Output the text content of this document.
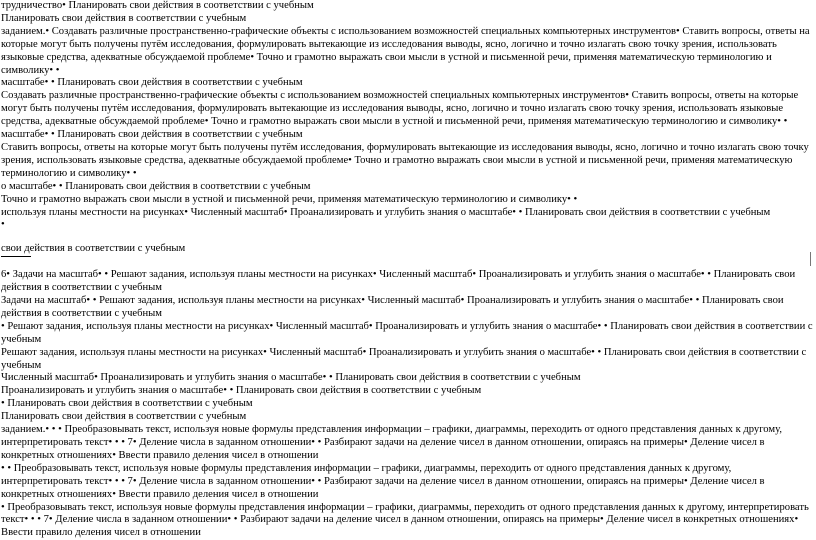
трудничество• Планировать свои действия в соответствии с учебным

Планировать свои действия в соответствии с учебным

заданием.• Создавать различные пространственно-графические объекты с использованием возможностей специальных компьютерных инструментов• Ставить вопросы, ответы на которые могут быть получены путём исследования, формулировать вытекающие из исследования выводы, ясно, логично и точно излагать свою точку зрения, использовать языковые средства, адекватные обсуждаемой проблеме• Точно и грамотно выражать свои мысли в устной и письменной речи, применяя математическую терминологию и символику• •

масштабе• • Планировать свои действия в соответствии с учебным

Создавать различные пространственно-графические объекты с использованием возможностей специальных компьютерных инструментов• Ставить вопросы, ответы на которые могут быть получены путём исследования, формулировать вытекающие из исследования выводы, ясно, логично и точно излагать свою точку зрения, использовать языковые средства, адекватные обсуждаемой проблеме• Точно и грамотно выражать свои мысли в устной и письменной речи, применяя математическую терминологию и символику• •

масштабе• • Планировать свои действия в соответствии с учебным

Ставить вопросы, ответы на которые могут быть получены путём исследования, формулировать вытекающие из исследования выводы, ясно, логично и точно излагать свою точку зрения, использовать языковые средства, адекватные обсуждаемой проблеме• Точно и грамотно выражать свои мысли в устной и письменной речи, применяя математическую терминологию и символику• •

о масштабе• • Планировать свои действия в соответствии с учебным

Точно и грамотно выражать свои мысли в устной и письменной речи, применяя математическую терминологию и символику• •

используя планы местности на рисунках• Численный масштаб• Проанализировать и углубить знания о масштабе• • Планировать свои действия в соответствии с учебным

•

свои действия в соответствии с учебным

6• Задачи на масштаб• • Решают задания, используя планы местности на рисунках• Численный масштаб• Проанализировать и углубить знания о масштабе• • Планировать свои действия в соответствии с учебным

Задачи на масштаб• • Решают задания, используя планы местности на рисунках• Численный масштаб• Проанализировать и углубить знания о масштабе• • Планировать свои действия в соответствии с учебным

• Решают задания, используя планы местности на рисунках• Численный масштаб• Проанализировать и углубить знания о масштабе• • Планировать свои действия в соответствии с учебным

Решают задания, используя планы местности на рисунках• Численный масштаб• Проанализировать и углубить знания о масштабе• • Планировать свои действия в соответствии с учебным

Численный масштаб• Проанализировать и углубить знания о масштабе• • Планировать свои действия в соответствии с учебным

Проанализировать и углубить знания о масштабе• • Планировать свои действия в соответствии с учебным

• Планировать свои действия в соответствии с учебным

Планировать свои действия в соответствии с учебным

заданием.• • • Преобразовывать текст, используя новые формулы представления информации – графики, диаграммы, переходить от одного представления данных к другому, интерпретировать текст• • • 7• Деление числа в заданном отношении• • Разбирают задачи на деление чисел в данном отношении, опираясь на примеры• Деление чисел в конкретных отношениях• Ввести правило деления чисел в отношении

• • Преобразовывать текст, используя новые формулы представления информации – графики, диаграммы, переходить от одного представления данных к другому, интерпретировать текст• • • 7• Деление числа в заданном отношении• • Разбирают задачи на деление чисел в данном отношении, опираясь на примеры• Деление чисел в конкретных отношениях• Ввести правило деления чисел в отношении

• Преобразовывать текст, используя новые формулы представления информации – графики, диаграммы, переходить от одного представления данных к другому, интерпретировать текст• • • 7• Деление числа в заданном отношении• • Разбирают задачи на деление чисел в данном отношении, опираясь на примеры• Деление чисел в конкретных отношениях• Ввести правило деления чисел в отношении
